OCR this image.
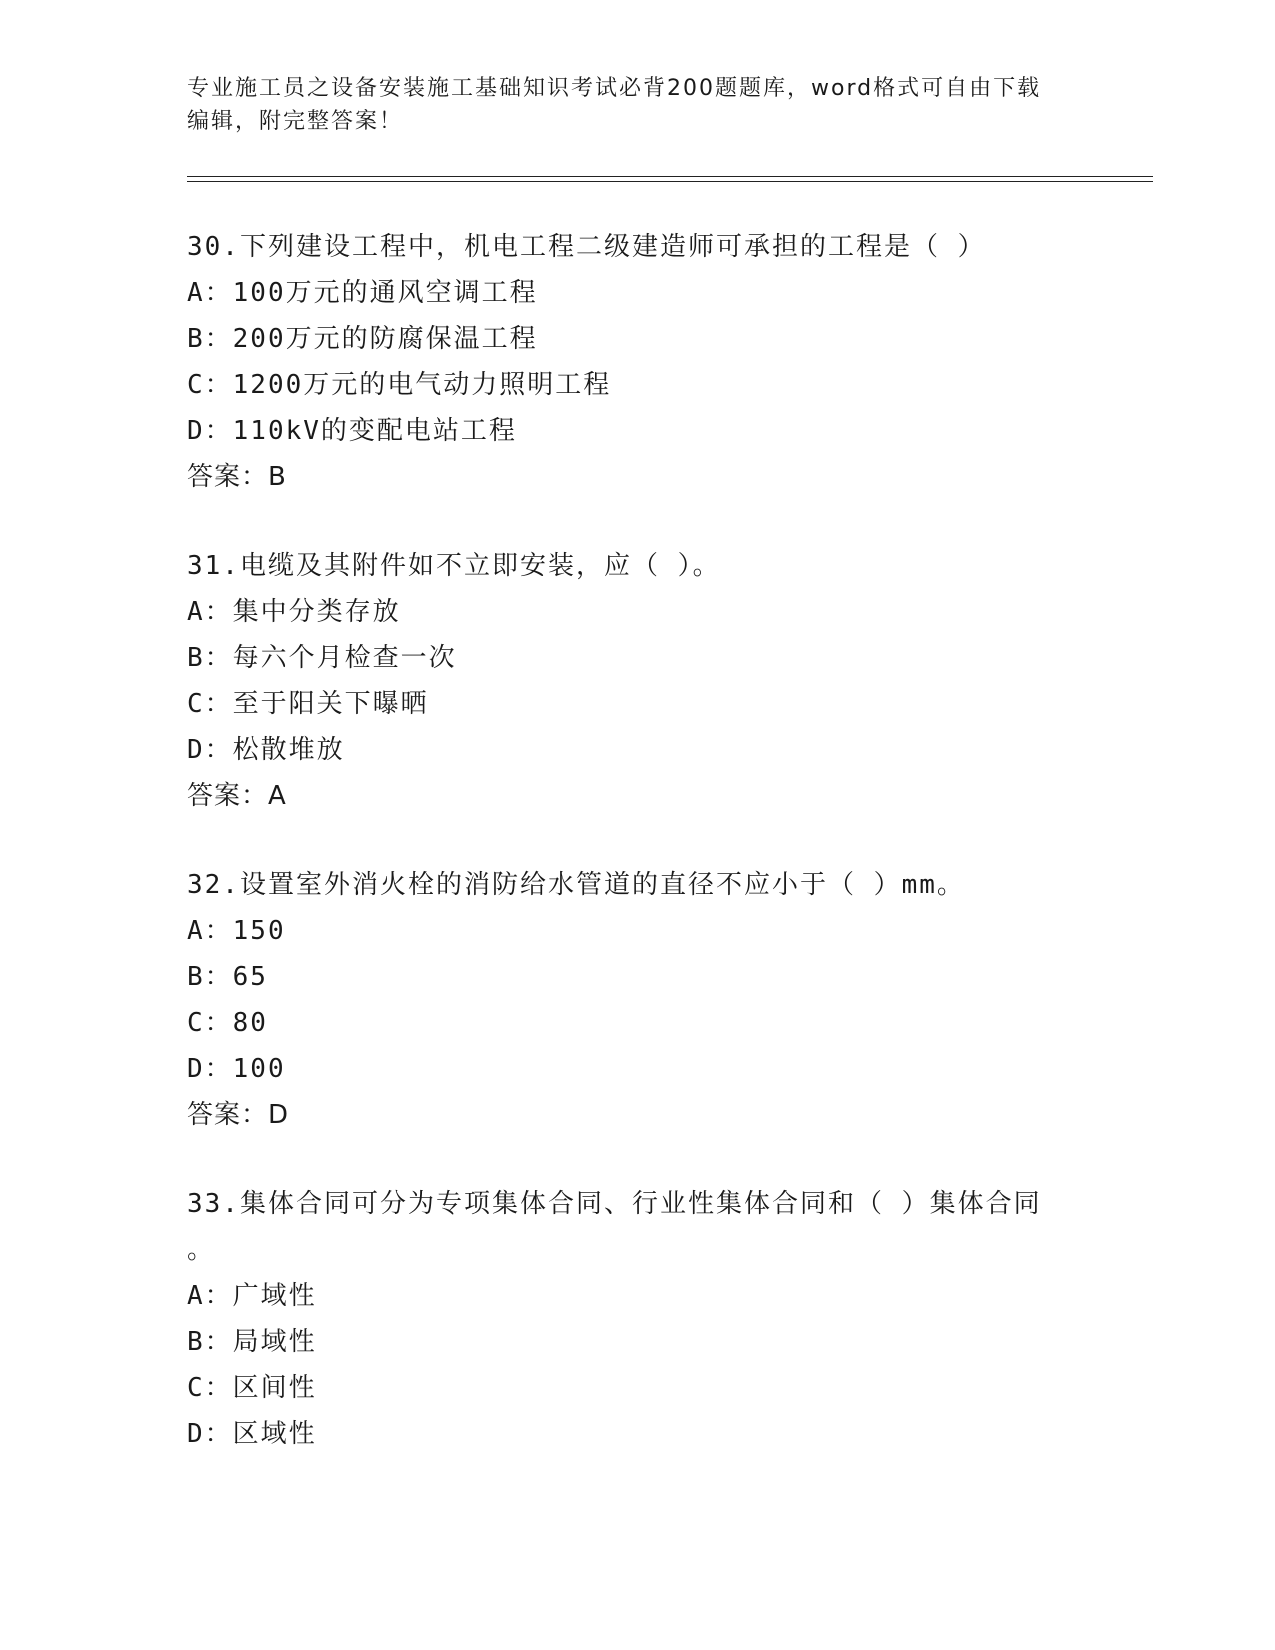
专业施工员之设备安装施工基础知识考试必背200题题库，word格式可自由下载
编辑，附完整答案！
30.下列建设工程中，机电工程二级建造师可承担的工程是（ ）
A：100万元的通风空调工程
B：200万元的防腐保温工程
C：1200万元的电气动力照明工程
D：110kV的变配电站工程
答案：B
31.电缆及其附件如不立即安装，应（ ）。
A：集中分类存放
B：每六个月检查一次
C：至于阳关下曝晒
D：松散堆放
答案：A
32.设置室外消火栓的消防给水管道的直径不应小于（ ）mm。
A：150
B：65
C：80
D：100
答案：D
33.集体合同可分为专项集体合同、行业性集体合同和（ ）集体合同
。
A：广域性
B：局域性
C：区间性
D：区域性
